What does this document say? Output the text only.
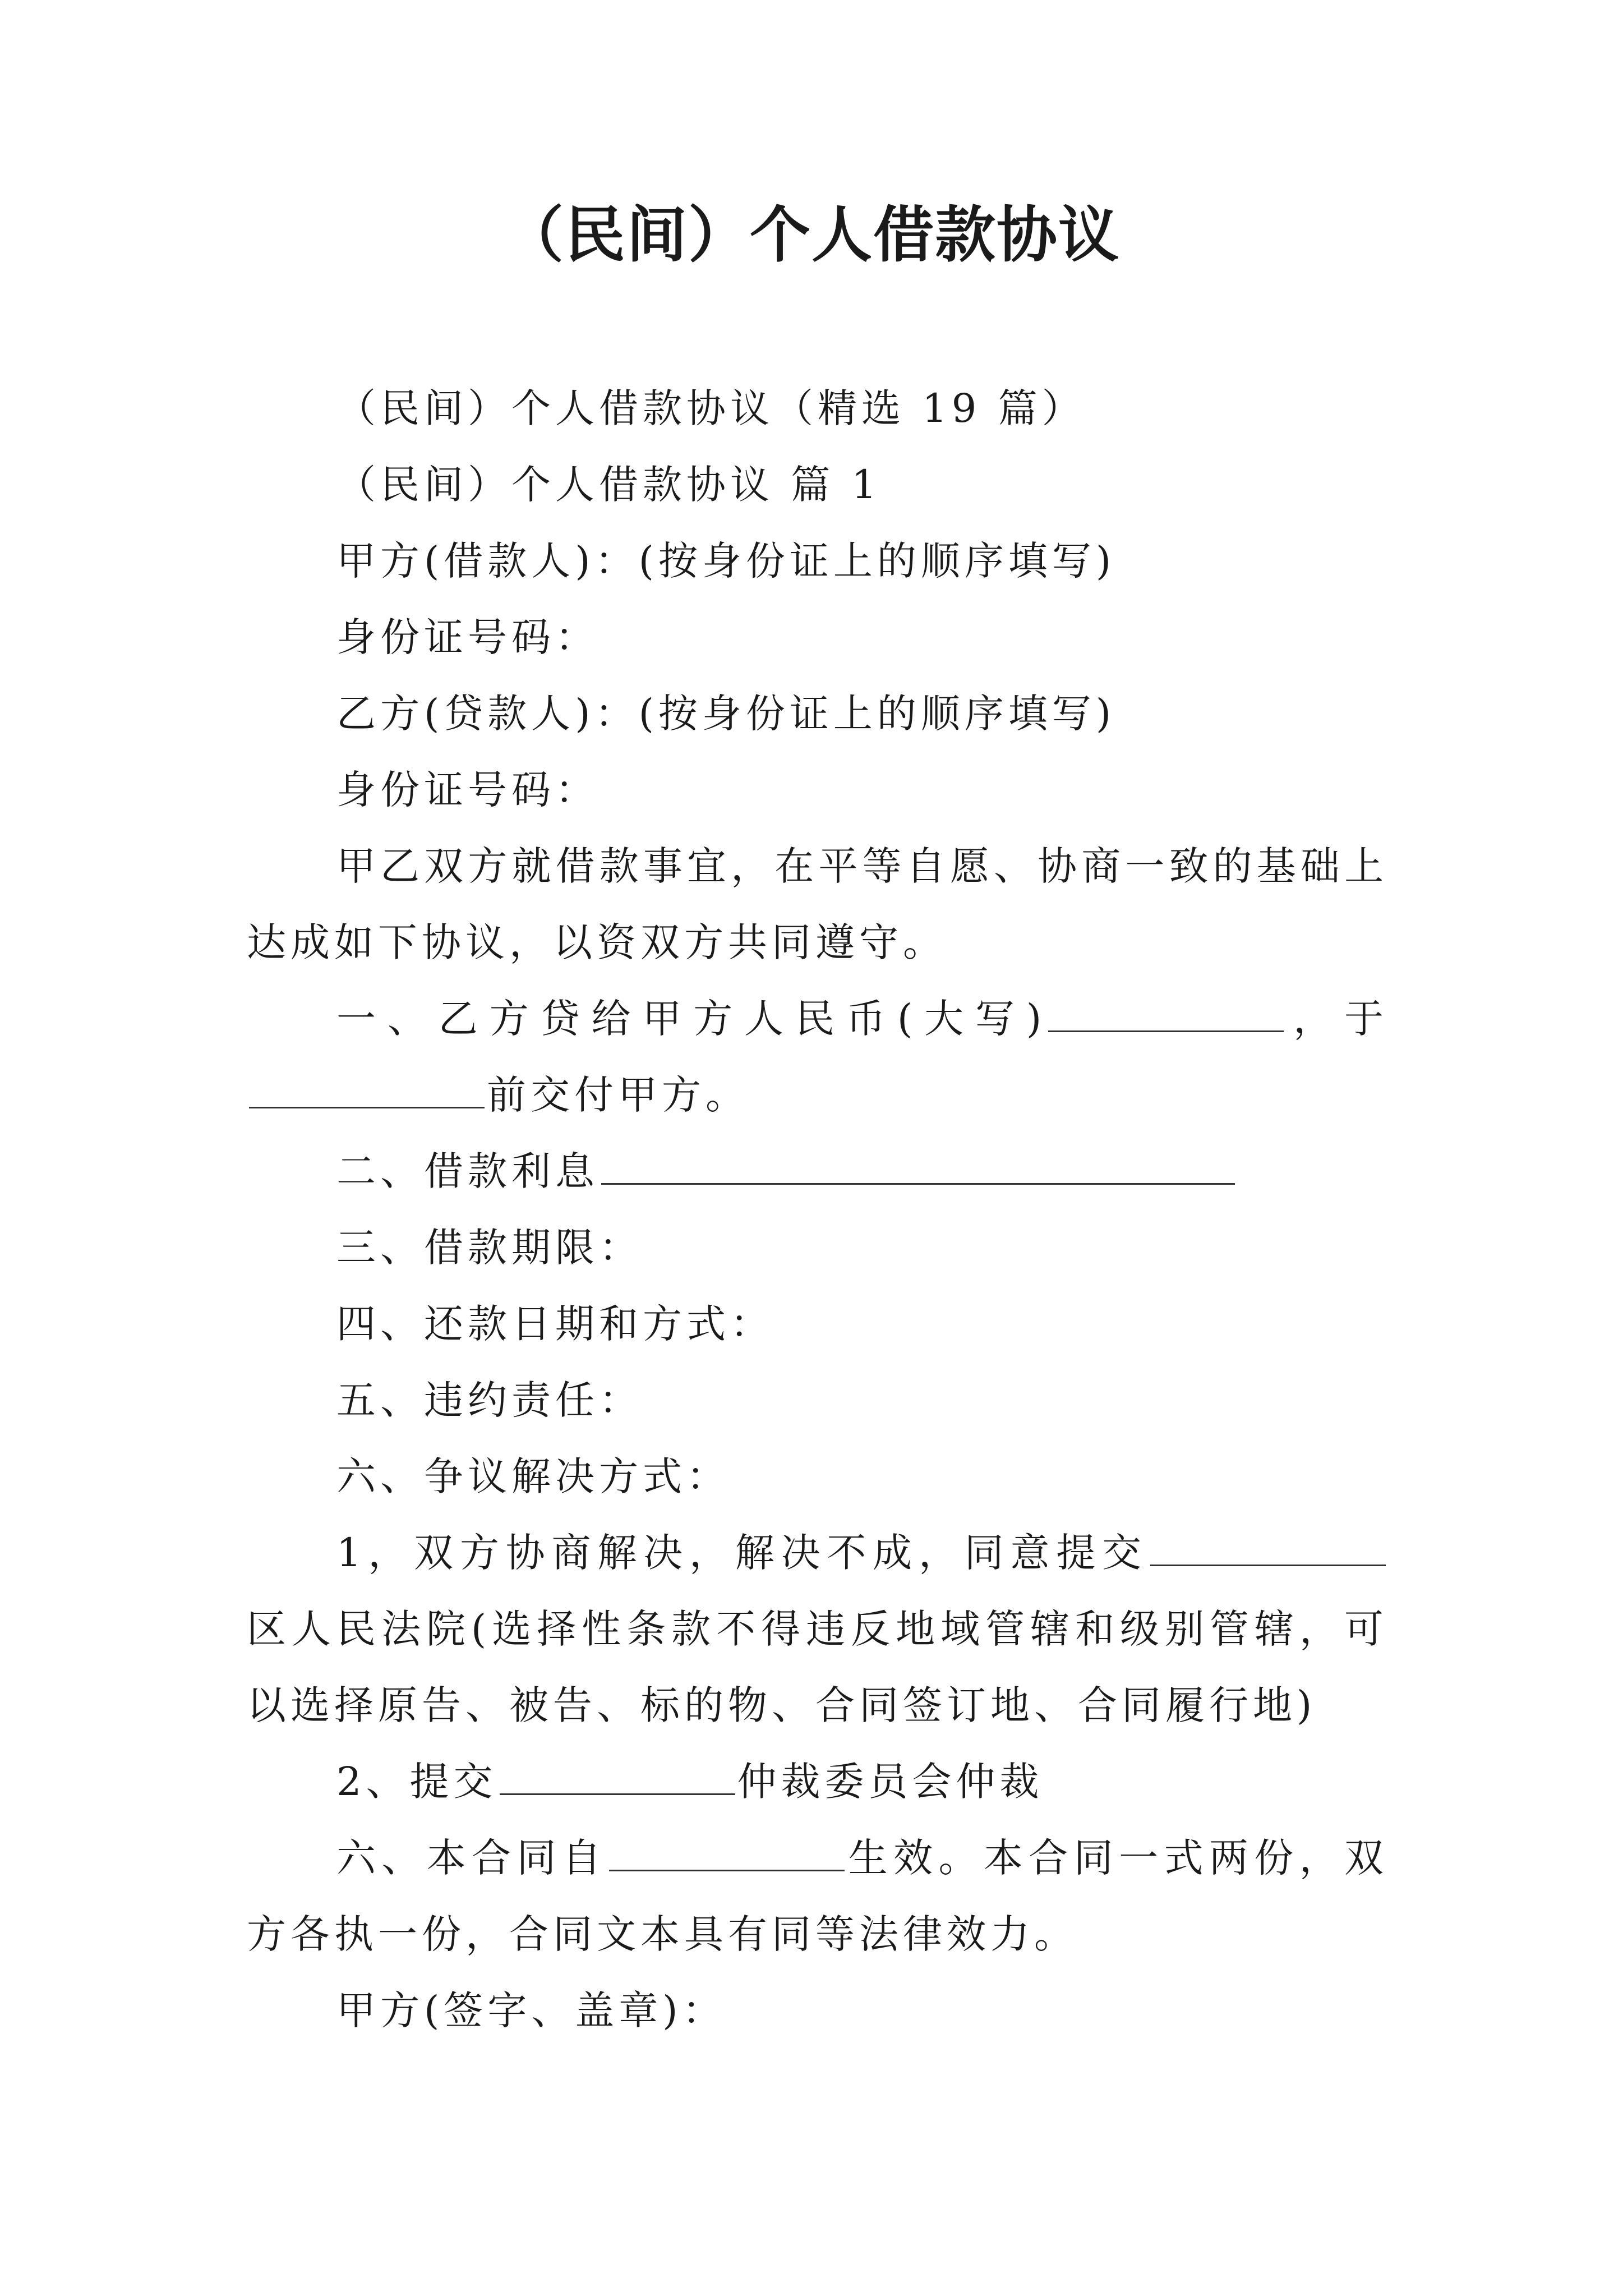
（民间）个人借款协议

（民间）个人借款协议（精选 19 篇）

（民间）个人借款协议 篇 1

甲方(借款人)：(按身份证上的顺序填写)

身份证号码：

乙方(贷款人)：(按身份证上的顺序填写)

身份证号码：

甲乙双方就借款事宜，在平等自愿、协商一致的基础上达成如下协议，以资双方共同遵守。

一、乙方贷给甲方人民币(大写)	，于前交付甲方。

二、借款利息

三、借款期限：

四、还款日期和方式：

五、违约责任：

六、争议解决方式：

1，双方协商解决，解决不成，同意提交区人民法院(选择性条款不得违反地域管辖和级别管辖，可以选择原告、被告、标的物、合同签订地、合同履行地)

2、提交	仲裁委员会仲裁

六、本合同自	生效。本合同一式两份，双方各执一份，合同文本具有同等法律效力。

甲方(签字、盖章)：
